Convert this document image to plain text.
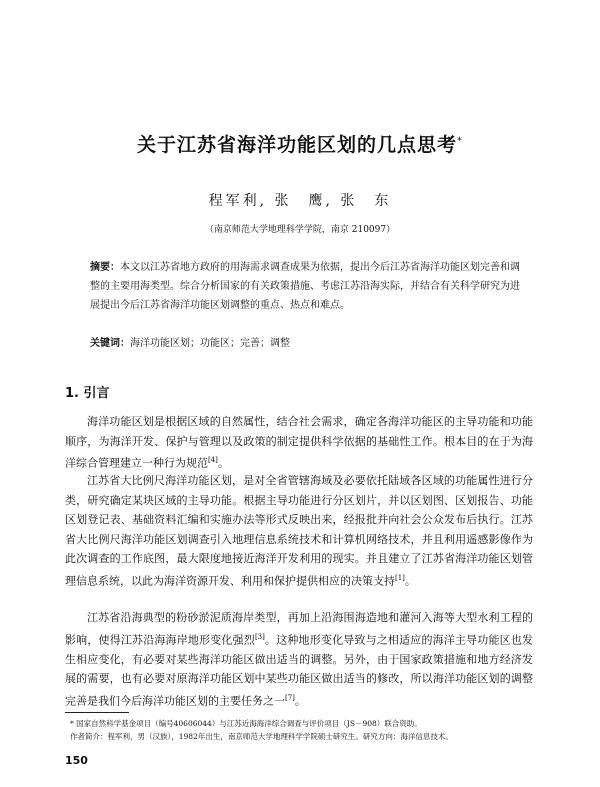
关于江苏省海洋功能区划的几点思考*
程军利, 张　鹰, 张　东
（南京师范大学地理科学学院，南京 210097）
摘要：本文以江苏省地方政府的用海需求调查成果为依据，提出今后江苏省海洋功能区划完善和调整的主要用海类型。综合分析国家的有关政策措施、考虑江苏沿海实际，并结合有关科学研究为进展提出今后江苏省海洋功能区划调整的重点、热点和难点。
关键词：海洋功能区划；功能区；完善；调整
1. 引言

海洋功能区划是根据区域的自然属性，结合社会需求，确定各海洋功能区的主导功能和功能顺序，为海洋开发、保护与管理以及政策的制定提供科学依据的基础性工作。根本目的在于为海洋综合管理建立一种行为规范[4]。

江苏省大比例尺海洋功能区划，是对全省管辖海域及必要依托陆域各区域的功能属性进行分类，研究确定某块区域的主导功能。根据主导功能进行分区划片，并以区划图、区划报告、功能区划登记表、基础资料汇编和实施办法等形式反映出来，经报批并向社会公众发布后执行。江苏省大比例尺海洋功能区划调查引入地理信息系统技术和计算机网络技术，并且利用遥感影像作为此次调查的工作底图，最大限度地接近海洋开发利用的现实。并且建立了江苏省海洋功能区划管理信息系统，以此为海洋资源开发、利用和保护提供相应的决策支持[1]。

江苏省沿海典型的粉砂淤泥质海岸类型，再加上沿海围海造地和灌河入海等大型水利工程的影响，使得江苏沿海海岸地形变化强烈[3]。这种地形变化导致与之相适应的海洋主导功能区也发生相应变化，有必要对某些海洋功能区做出适当的调整。另外，由于国家政策措施和地方经济发展的需要，也有必要对原海洋功能区划中某些功能区做出适当的修改，所以海洋功能区划的调整完善是我们今后海洋功能区划的主要任务之一[7]。

* 国家自然科学基金项目（编号40606044）与江苏近海海洋综合调查与评价项目（JS－908）联合资助。
作者简介：程军利，男（汉族），1982年出生，南京师范大学地理科学学院硕士研究生。研究方向：海洋信息技术。
150
